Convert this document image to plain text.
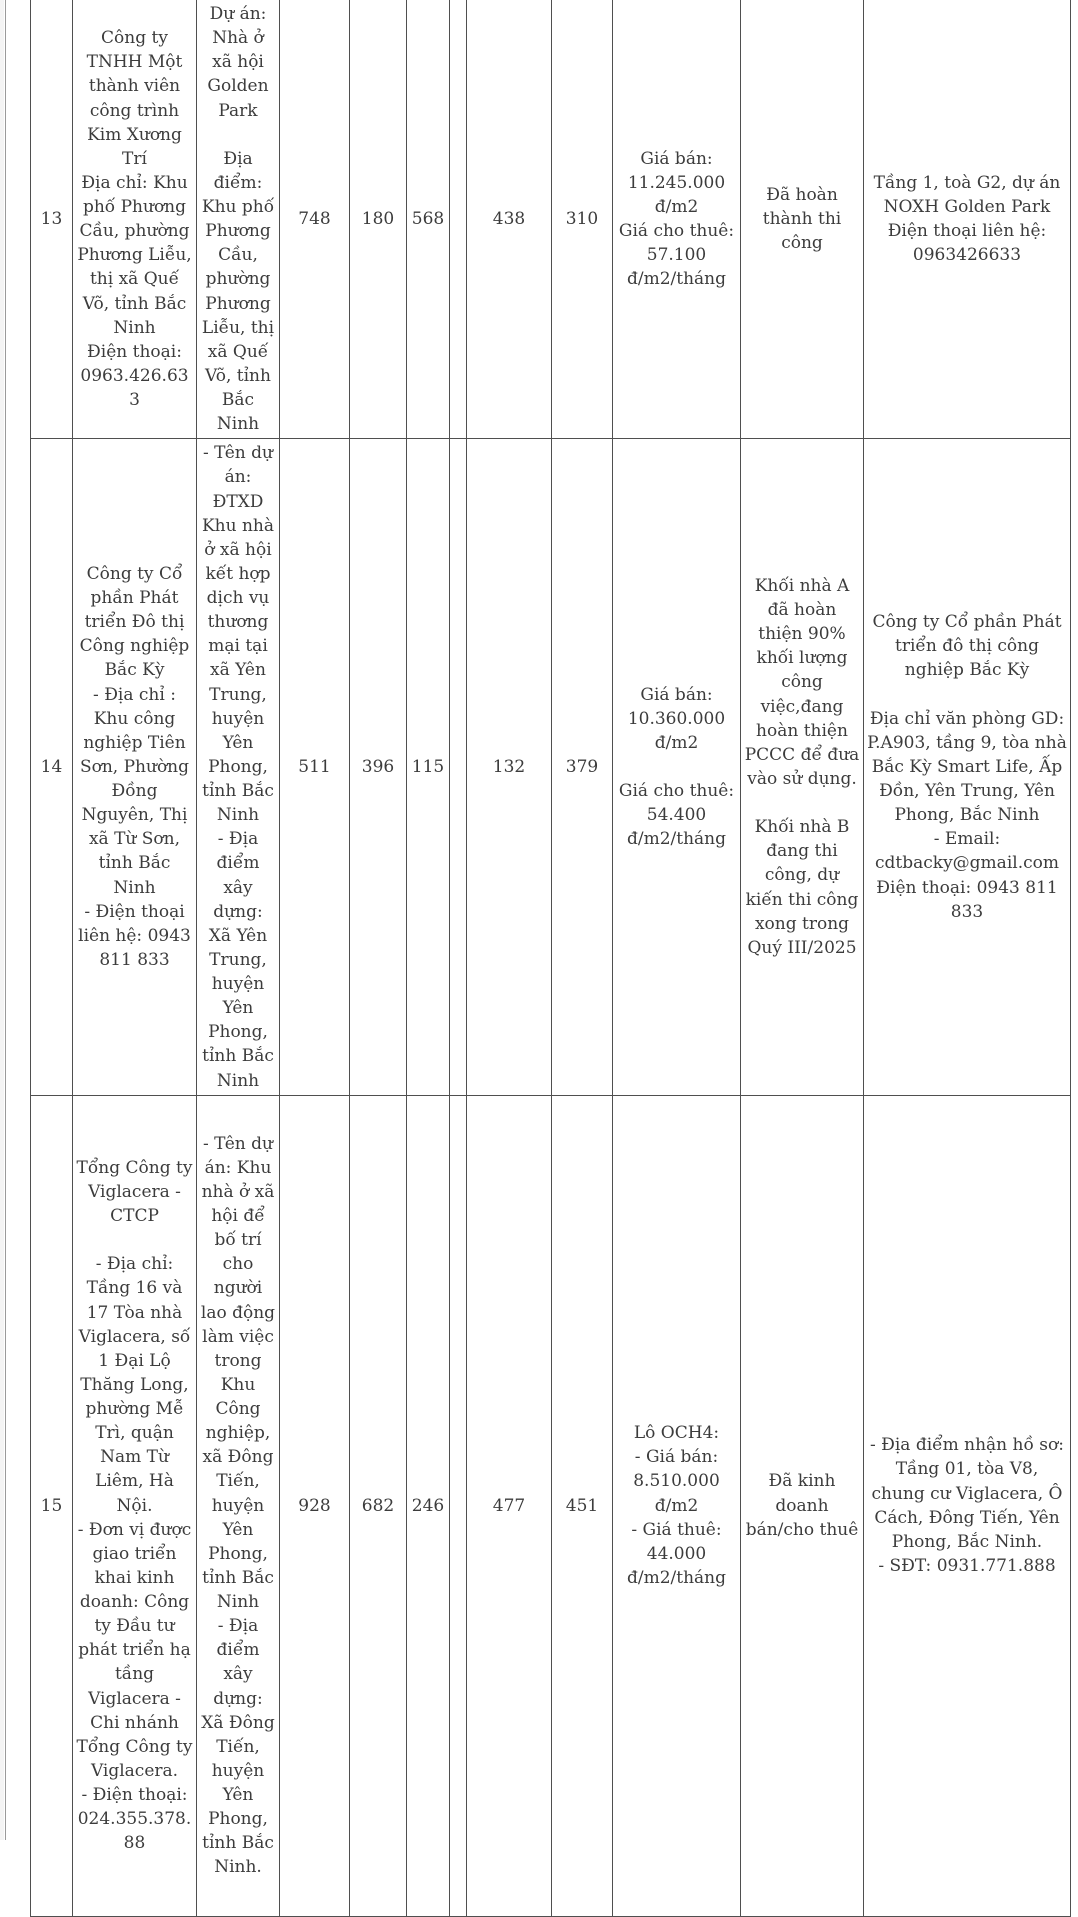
13	Công ty TNHH Một thành viên công trình Kim Xương Trí
Địa chỉ: Khu phố Phương Cầu, phường Phương Liễu, thị xã Quế Võ, tỉnh Bắc Ninh
Điện thoại: 0963.426.633	Dự án: Nhà ở xã hội Golden Park

Địa điểm: Khu phố Phương Cầu, phường Phương Liễu, thị xã Quế Võ, tỉnh Bắc Ninh	748	180	568		438	310	Giá bán: 11.245.000 đ/m2
Giá cho thuê: 57.100 đ/m2/tháng	Đã hoàn thành thi công	Tầng 1, toà G2, dự án NOXH Golden Park
Điện thoại liên hệ: 0963426633
14	Công ty Cổ phần Phát triển Đô thị Công nghiệp Bắc Kỳ
- Địa chỉ : Khu công nghiệp Tiên Sơn, Phường Đồng Nguyên, Thị xã Từ Sơn, tỉnh Bắc Ninh
- Điện thoại liên hệ: 0943 811 833	- Tên dự án: ĐTXD Khu nhà ở xã hội kết hợp dịch vụ thương mại tại xã Yên Trung, huyện Yên Phong, tỉnh Bắc Ninh
- Địa điểm xây dựng: Xã Yên Trung, huyện Yên Phong, tỉnh Bắc Ninh	511	396	115		132	379	Giá bán: 10.360.000 đ/m2

Giá cho thuê: 54.400 đ/m2/tháng	Khối nhà A đã hoàn thiện 90% khối lượng công việc,đang hoàn thiện PCCC để đưa vào sử dụng.

Khối nhà B đang thi công, dự kiến thi công xong trong Quý III/2025	Công ty Cổ phần Phát triển đô thị công nghiệp Bắc Kỳ

Địa chỉ văn phòng GD: P.A903, tầng 9, tòa nhà Bắc Kỳ Smart Life, Ấp Đồn, Yên Trung, Yên Phong, Bắc Ninh
- Email:
cdtbacky@gmail.com
Điện thoại: 0943 811 833
15	Tổng Công ty Viglacera - CTCP

- Địa chỉ: Tầng 16 và 17 Tòa nhà Viglacera, số 1 Đại Lộ Thăng Long, phường Mễ Trì, quận Nam Từ Liêm, Hà Nội.
- Đơn vị được giao triển khai kinh doanh: Công ty Đầu tư phát triển hạ tầng Viglacera - Chi nhánh Tổng Công ty Viglacera.
- Điện thoại: 024.355.378.88	- Tên dự án: Khu nhà ở xã hội để bố trí cho người lao động làm việc trong Khu Công nghiệp, xã Đông Tiến, huyện Yên Phong, tỉnh Bắc Ninh
- Địa điểm xây dựng: Xã Đông Tiến, huyện Yên Phong, tỉnh Bắc Ninh.	928	682	246		477	451	Lô OCH4:
- Giá bán: 8.510.000 đ/m2
- Giá thuê: 44.000 đ/m2/tháng	Đã kinh doanh bán/cho thuê	- Địa điểm nhận hồ sơ: Tầng 01, tòa V8, chung cư Viglacera, Ô Cách, Đông Tiến, Yên Phong, Bắc Ninh.
- SĐT: 0931.771.888
